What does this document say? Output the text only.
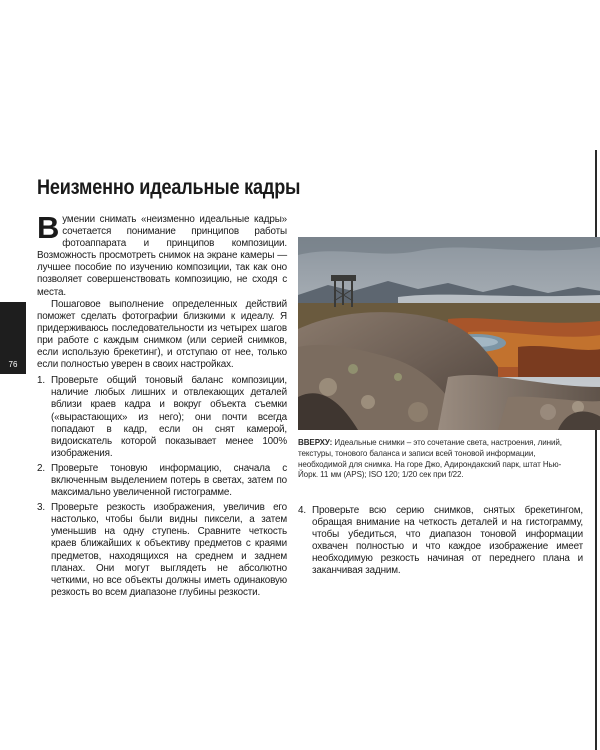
76
Неизменно идеальные кадры

Вумении снимать «неизменно идеальные кадры» сочетается понимание принципов работы фотоаппарата и принципов композиции. Возможность просмотреть снимок на экране камеры — лучшее пособие по изучению композиции, так как оно позволяет совершенствовать композицию, не сходя с места.

Пошаговое выполнение определенных действий поможет сделать фотографии близкими к идеалу. Я придерживаюсь последовательности из четырех шагов при работе с каждым снимком (или серией снимков, если использую брекетинг), и отступаю от нее, только если полностью уверен в своих настройках.

1. Проверьте общий тоновый баланс композиции, наличие любых лишних и отвлекающих деталей вблизи краев кадра и вокруг объекта съемки («вырастающих» из него); они почти всегда попадают в кадр, если он снят камерой, видоискатель которой показывает менее 100% изображения.
2. Проверьте тоновую информацию, сначала с включенным выделением потерь в светах, затем по максимально увеличенной гистограмме.
3. Проверьте резкость изображения, увеличив его настолько, чтобы были видны пиксели, а затем уменьшив на одну ступень. Сравните четкость краев ближайших к объективу предметов с краями предметов, находящихся на среднем и заднем планах. Они могут выглядеть не абсолютно четкими, но все объекты должны иметь одинаковую резкость во всем диапазоне глубины резкости.
ВВЕРХУ: Идеальные снимки – это сочетание света, настроения, линий, текстуры, тонового баланса и записи всей тоновой информации, необходимой для снимка. На горе Джо, Адирондакский парк, штат Нью-Йорк. 11 мм (APS); ISO 120; 1/20 сек при f/22.
4. Проверьте всю серию снимков, снятых брекетингом, обращая внимание на четкость деталей и на гистограмму, чтобы убедиться, что диапазон тоновой информации охвачен полностью и что каждое изображение имеет необходимую резкость начиная от переднего плана и заканчивая задним.
